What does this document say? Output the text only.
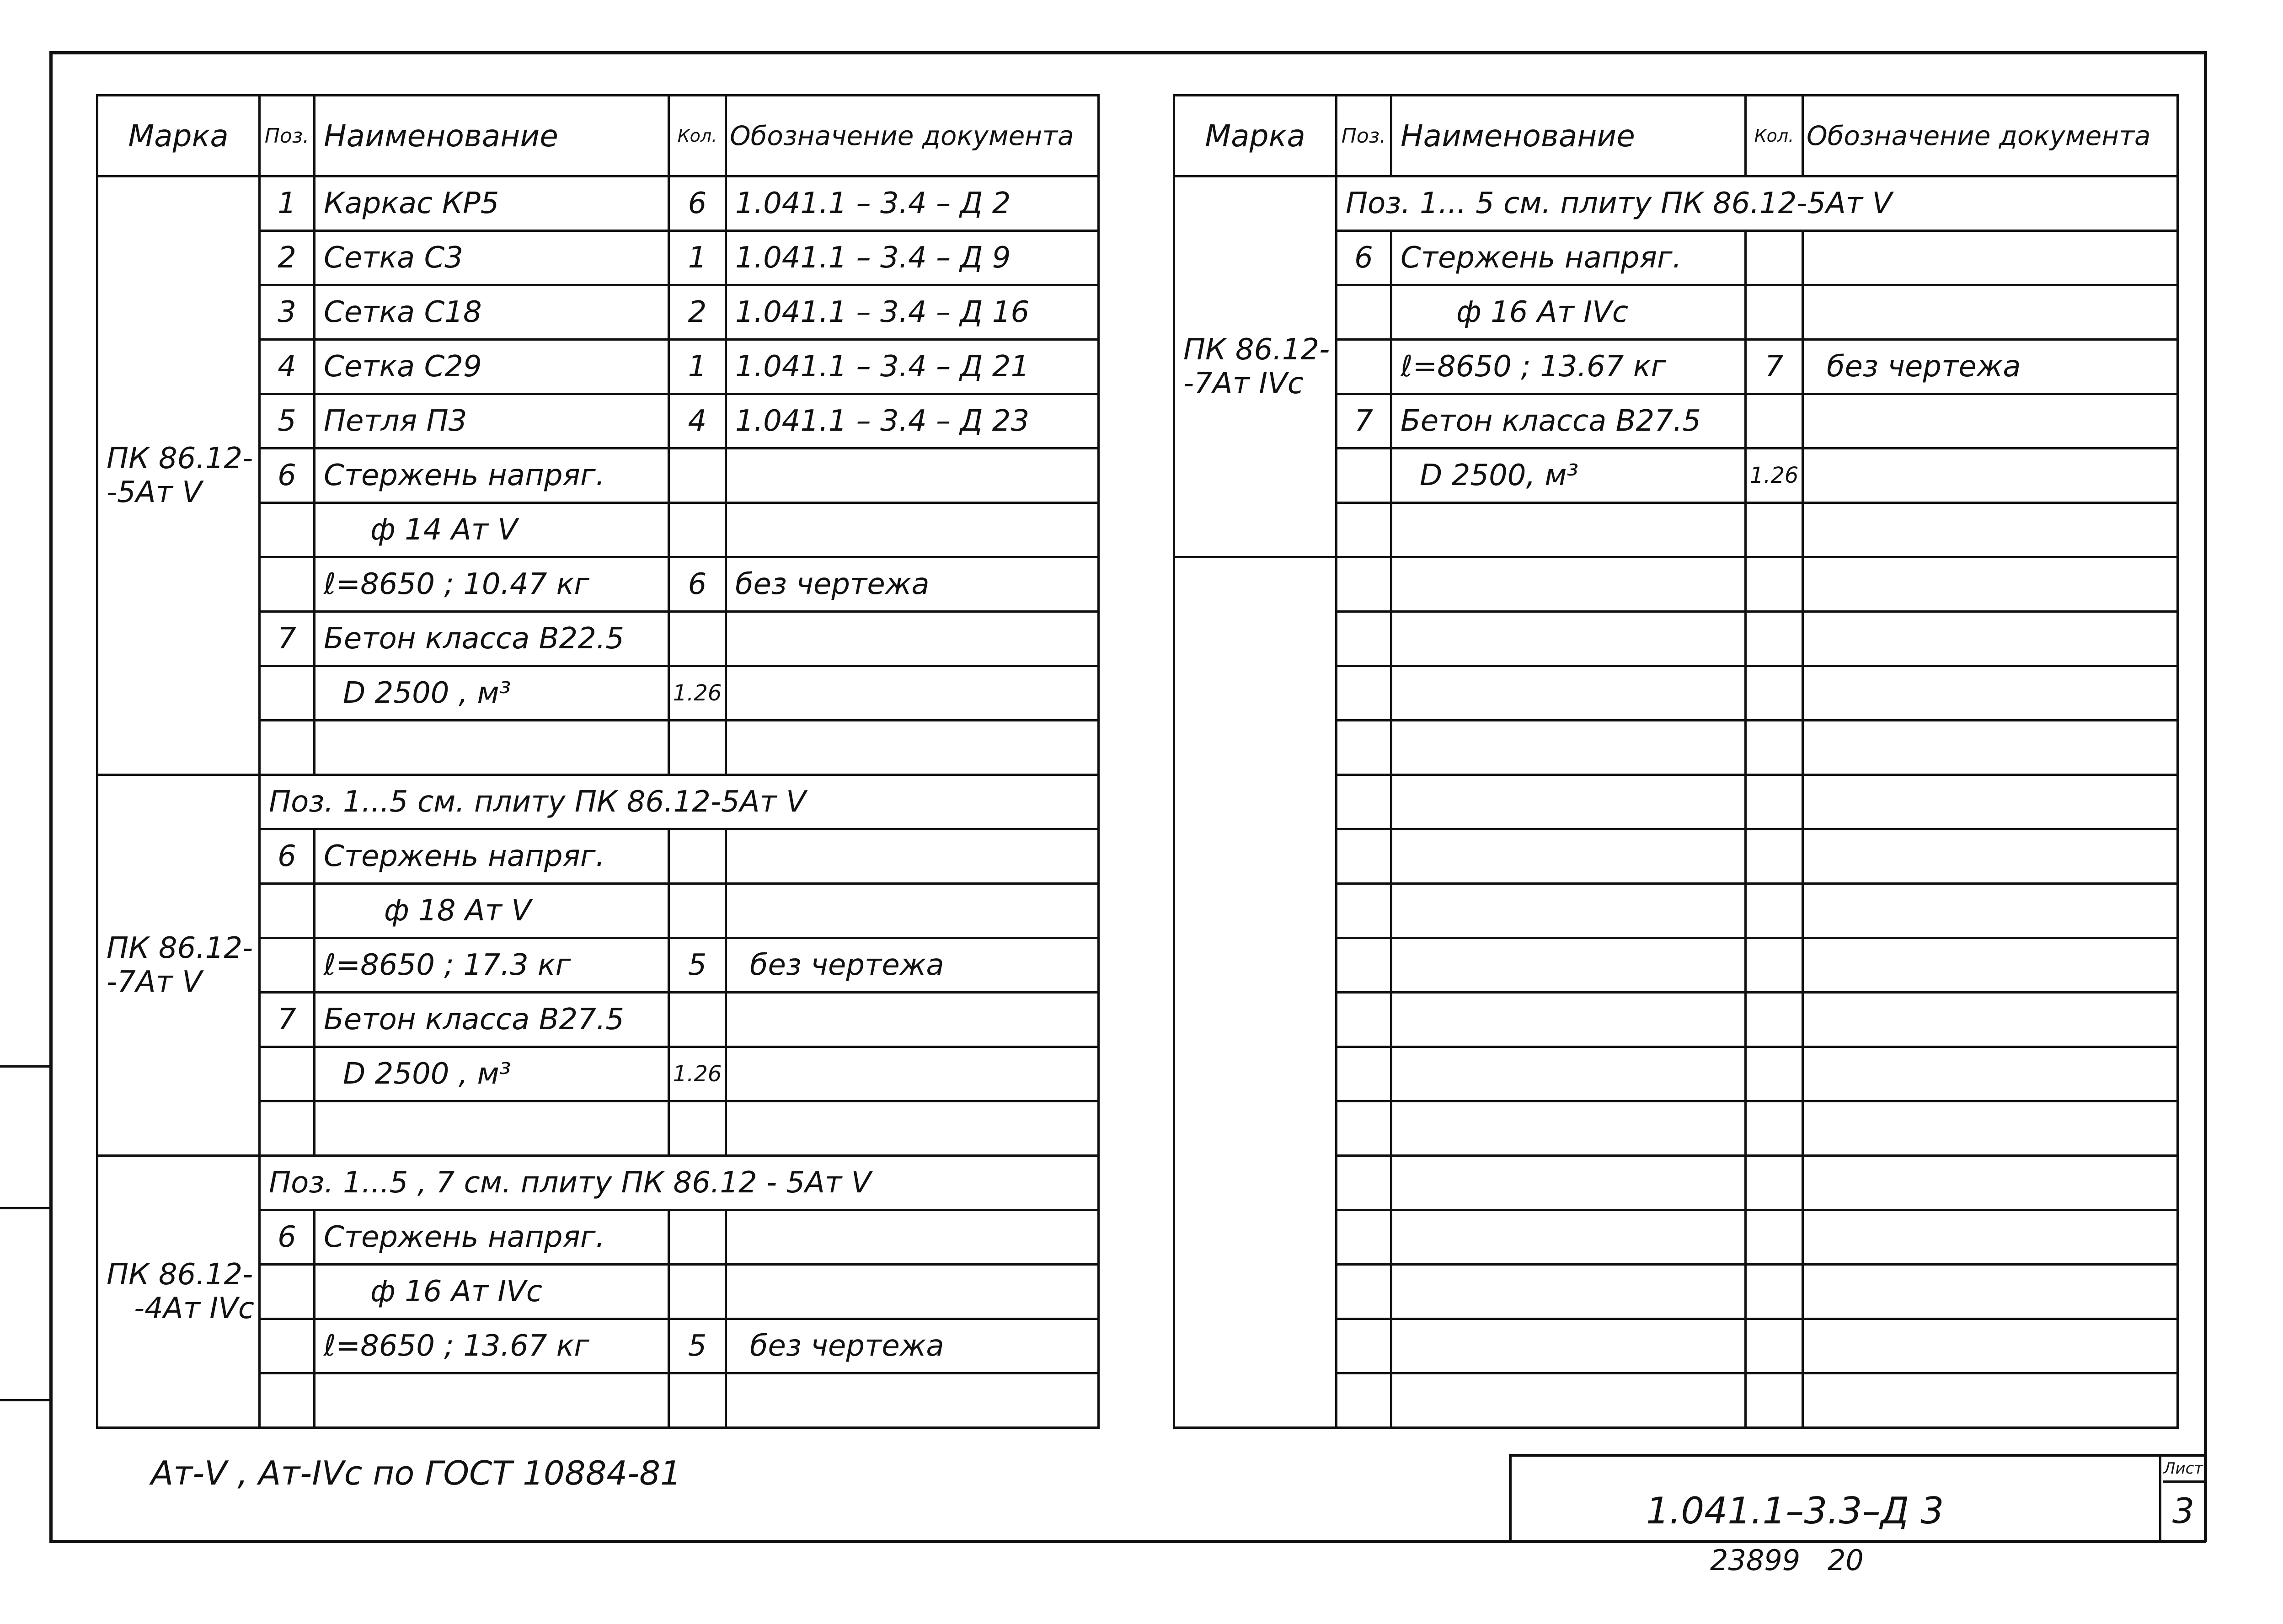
Марка	Поз.	Наименование	Кол.	Обозначение документа

ПК 86.12-
-5Ат V	1	Каркас КР5	6	1.041.1 – 3.4 – Д 2
	2	Сетка С3	1	1.041.1 – 3.4 – Д 9
	3	Сетка С18	2	1.041.1 – 3.4 – Д 16
	4	Сетка С29	1	1.041.1 – 3.4 – Д 21
	5	Петля П3	4	1.041.1 – 3.4 – Д 23
	6	Стержень напряг.		
		ф 14 Ат V		
		ℓ=8650 ; 10.47 кг	6	без чертежа
	7	Бетон класса В22.5		
		D 2500 , м³	1.26	

ПК 86.12-
-7Ат V	Поз. 1...5 см. плиту ПК 86.12-5Ат V			
	6	Стержень напряг.		
		ф 18 Ат V		
		ℓ=8650 ; 17.3 кг	5	без чертежа
	7	Бетон класса В27.5		
		D 2500 , м³	1.26	

ПК 86.12-
-4Ат IVс	Поз. 1...5 , 7 см. плиту ПК 86.12 - 5Ат V			
	6	Стержень напряг.		
		ф 16 Ат IVс		
		ℓ=8650 ; 13.67 кг	5	без чертежа

Марка	Поз.	Наименование	Кол.	Обозначение документа

ПК 86.12-
-7Ат IVс	Поз. 1... 5 см. плиту ПК 86.12-5Ат V			
	6	Стержень напряг.		
		ф 16 Ат IVс		
		ℓ=8650 ; 13.67 кг	7	без чертежа
	7	Бетон класса В27.5		
		D 2500, м³	1.26	

Ат-V , Ат-IVс по ГОСТ 10884-81
1.041.1–3.3–Д 3
Лист
3
23899 20
